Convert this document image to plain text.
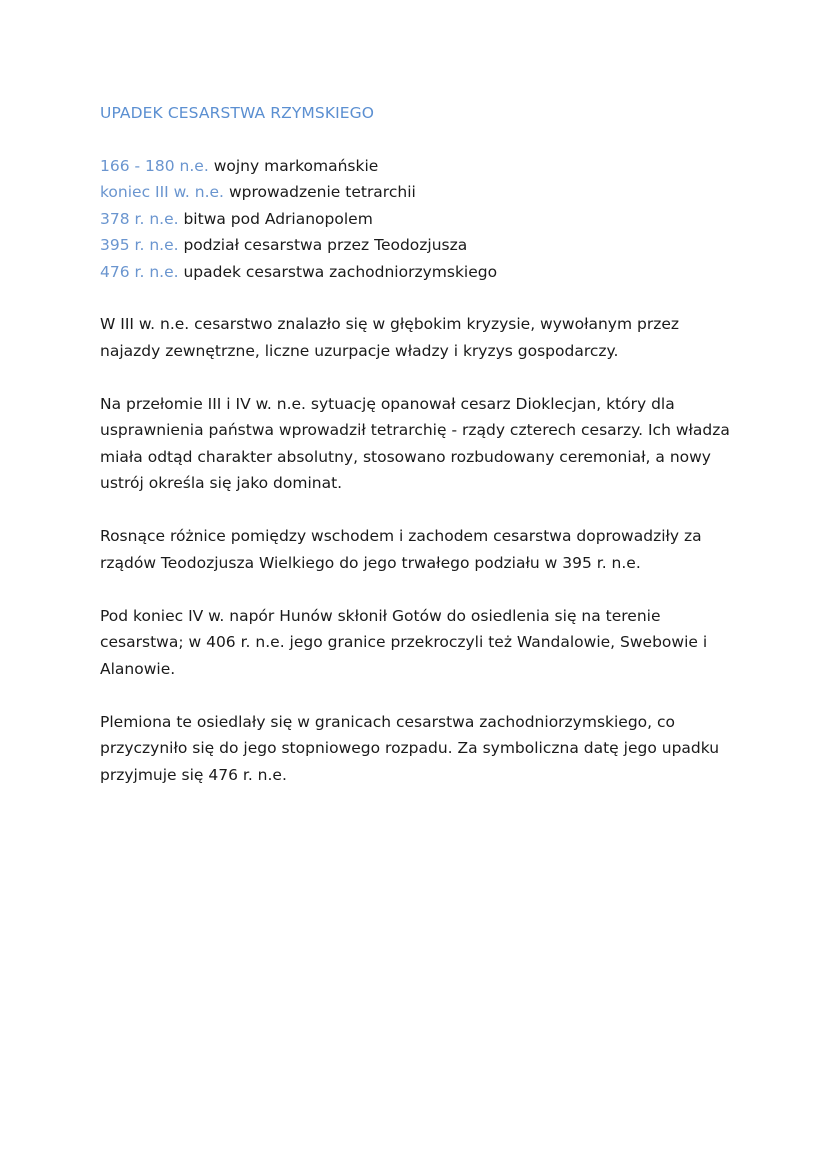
UPADEK CESARSTWA RZYMSKIEGO
166 - 180 n.e. wojny markomańskie
koniec III w. n.e. wprowadzenie tetrarchii
378 r. n.e. bitwa pod Adrianopolem
395 r. n.e. podział cesarstwa przez Teodozjusza
476 r. n.e. upadek cesarstwa zachodniorzymskiego

W III w. n.e. cesarstwo znalazło się w głębokim kryzysie, wywołanym przez najazdy zewnętrzne, liczne uzurpacje władzy i kryzys gospodarczy.

Na przełomie III i IV w. n.e. sytuację opanował cesarz Dioklecjan, który dla usprawnienia państwa wprowadził tetrarchię - rządy czterech cesarzy. Ich władza miała odtąd charakter absolutny, stosowano rozbudowany ceremoniał, a nowy ustrój określa się jako dominat.

Rosnące różnice pomiędzy wschodem i zachodem cesarstwa doprowadziły za rządów Teodozjusza Wielkiego do jego trwałego podziału w 395 r. n.e.

Pod koniec IV w. napór Hunów skłonił Gotów do osiedlenia się na terenie cesarstwa; w 406 r. n.e. jego granice przekroczyli też Wandalowie, Swebowie i Alanowie.

Plemiona te osiedlały się w granicach cesarstwa zachodniorzymskiego, co przyczyniło się do jego stopniowego rozpadu. Za symboliczna datę jego upadku przyjmuje się 476 r. n.e.
